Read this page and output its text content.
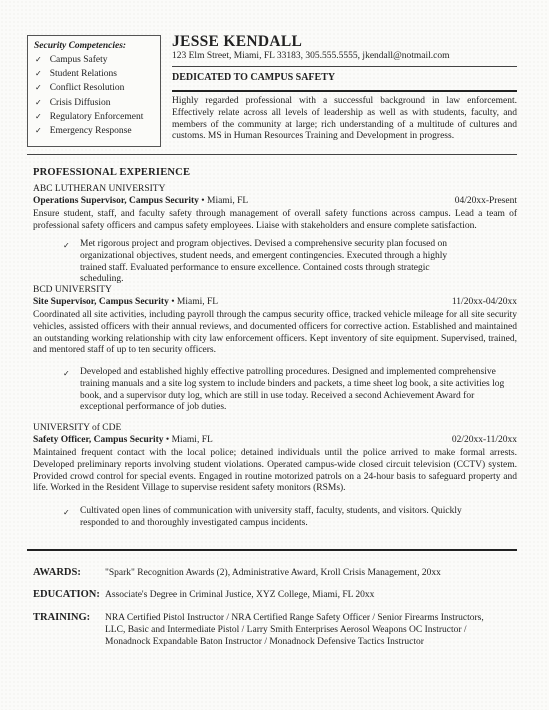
Security Competencies:
✓ Campus Safety
✓ Student Relations
✓ Conflict Resolution
✓ Crisis Diffusion
✓ Regulatory Enforcement
✓ Emergency Response
JESSE KENDALL
123 Elm Street, Miami, FL 33183, 305.555.5555, jkendall@notmail.com
DEDICATED TO CAMPUS SAFETY
Highly regarded professional with a successful background in law enforcement. Effectively relate across all levels of leadership as well as with students, faculty, and members of the community at large; rich understanding of a multitude of cultures and customs. MS in Human Resources Training and Development in progress.
PROFESSIONAL EXPERIENCE
ABC LUTHERAN UNIVERSITY
Operations Supervisor, Campus Security • Miami, FL	04/20xx-Present
Ensure student, staff, and faculty safety through management of overall safety functions across campus. Lead a team of professional safety officers and campus safety employees. Liaise with stakeholders and ensure complete satisfaction.
✓ Met rigorous project and program objectives. Devised a comprehensive security plan focused on organizational objectives, student needs, and emergent contingencies. Executed through a highly trained staff. Evaluated performance to ensure excellence. Contained costs through strategic scheduling.
BCD UNIVERSITY
Site Supervisor, Campus Security • Miami, FL	11/20xx-04/20xx
Coordinated all site activities, including payroll through the campus security office, tracked vehicle mileage for all site security vehicles, assisted officers with their annual reviews, and documented officers for corrective action. Established and maintained an outstanding working relationship with city law enforcement officers. Kept inventory of site equipment. Supervised, trained, and mentored staff of up to ten security officers.
✓ Developed and established highly effective patrolling procedures. Designed and implemented comprehensive training manuals and a site log system to include binders and packets, a time sheet log book, a site activities log book, and a supervisor duty log, which are still in use today. Received a second Achievement Award for exceptional performance of job duties.
UNIVERSITY of CDE
Safety Officer, Campus Security • Miami, FL	02/20xx-11/20xx
Maintained frequent contact with the local police; detained individuals until the police arrived to make formal arrests. Developed preliminary reports involving student violations. Operated campus-wide closed circuit television (CCTV) system. Provided crowd control for special events. Engaged in routine motorized patrols on a 24-hour basis to safeguard property and life. Worked in the Resident Village to supervise resident safety monitors (RSMs).
✓ Cultivated open lines of communication with university staff, faculty, students, and visitors. Quickly responded to and thoroughly investigated campus incidents.
AWARDS:	"Spark" Recognition Awards (2), Administrative Award, Kroll Crisis Management, 20xx
EDUCATION: Associate's Degree in Criminal Justice, XYZ College, Miami, FL 20xx
TRAINING: NRA Certified Pistol Instructor / NRA Certified Range Safety Officer / Senior Firearms Instructors, LLC, Basic and Intermediate Pistol / Larry Smith Enterprises Aerosol Weapons OC Instructor / Monadnock Expandable Baton Instructor / Monadnock Defensive Tactics Instructor
